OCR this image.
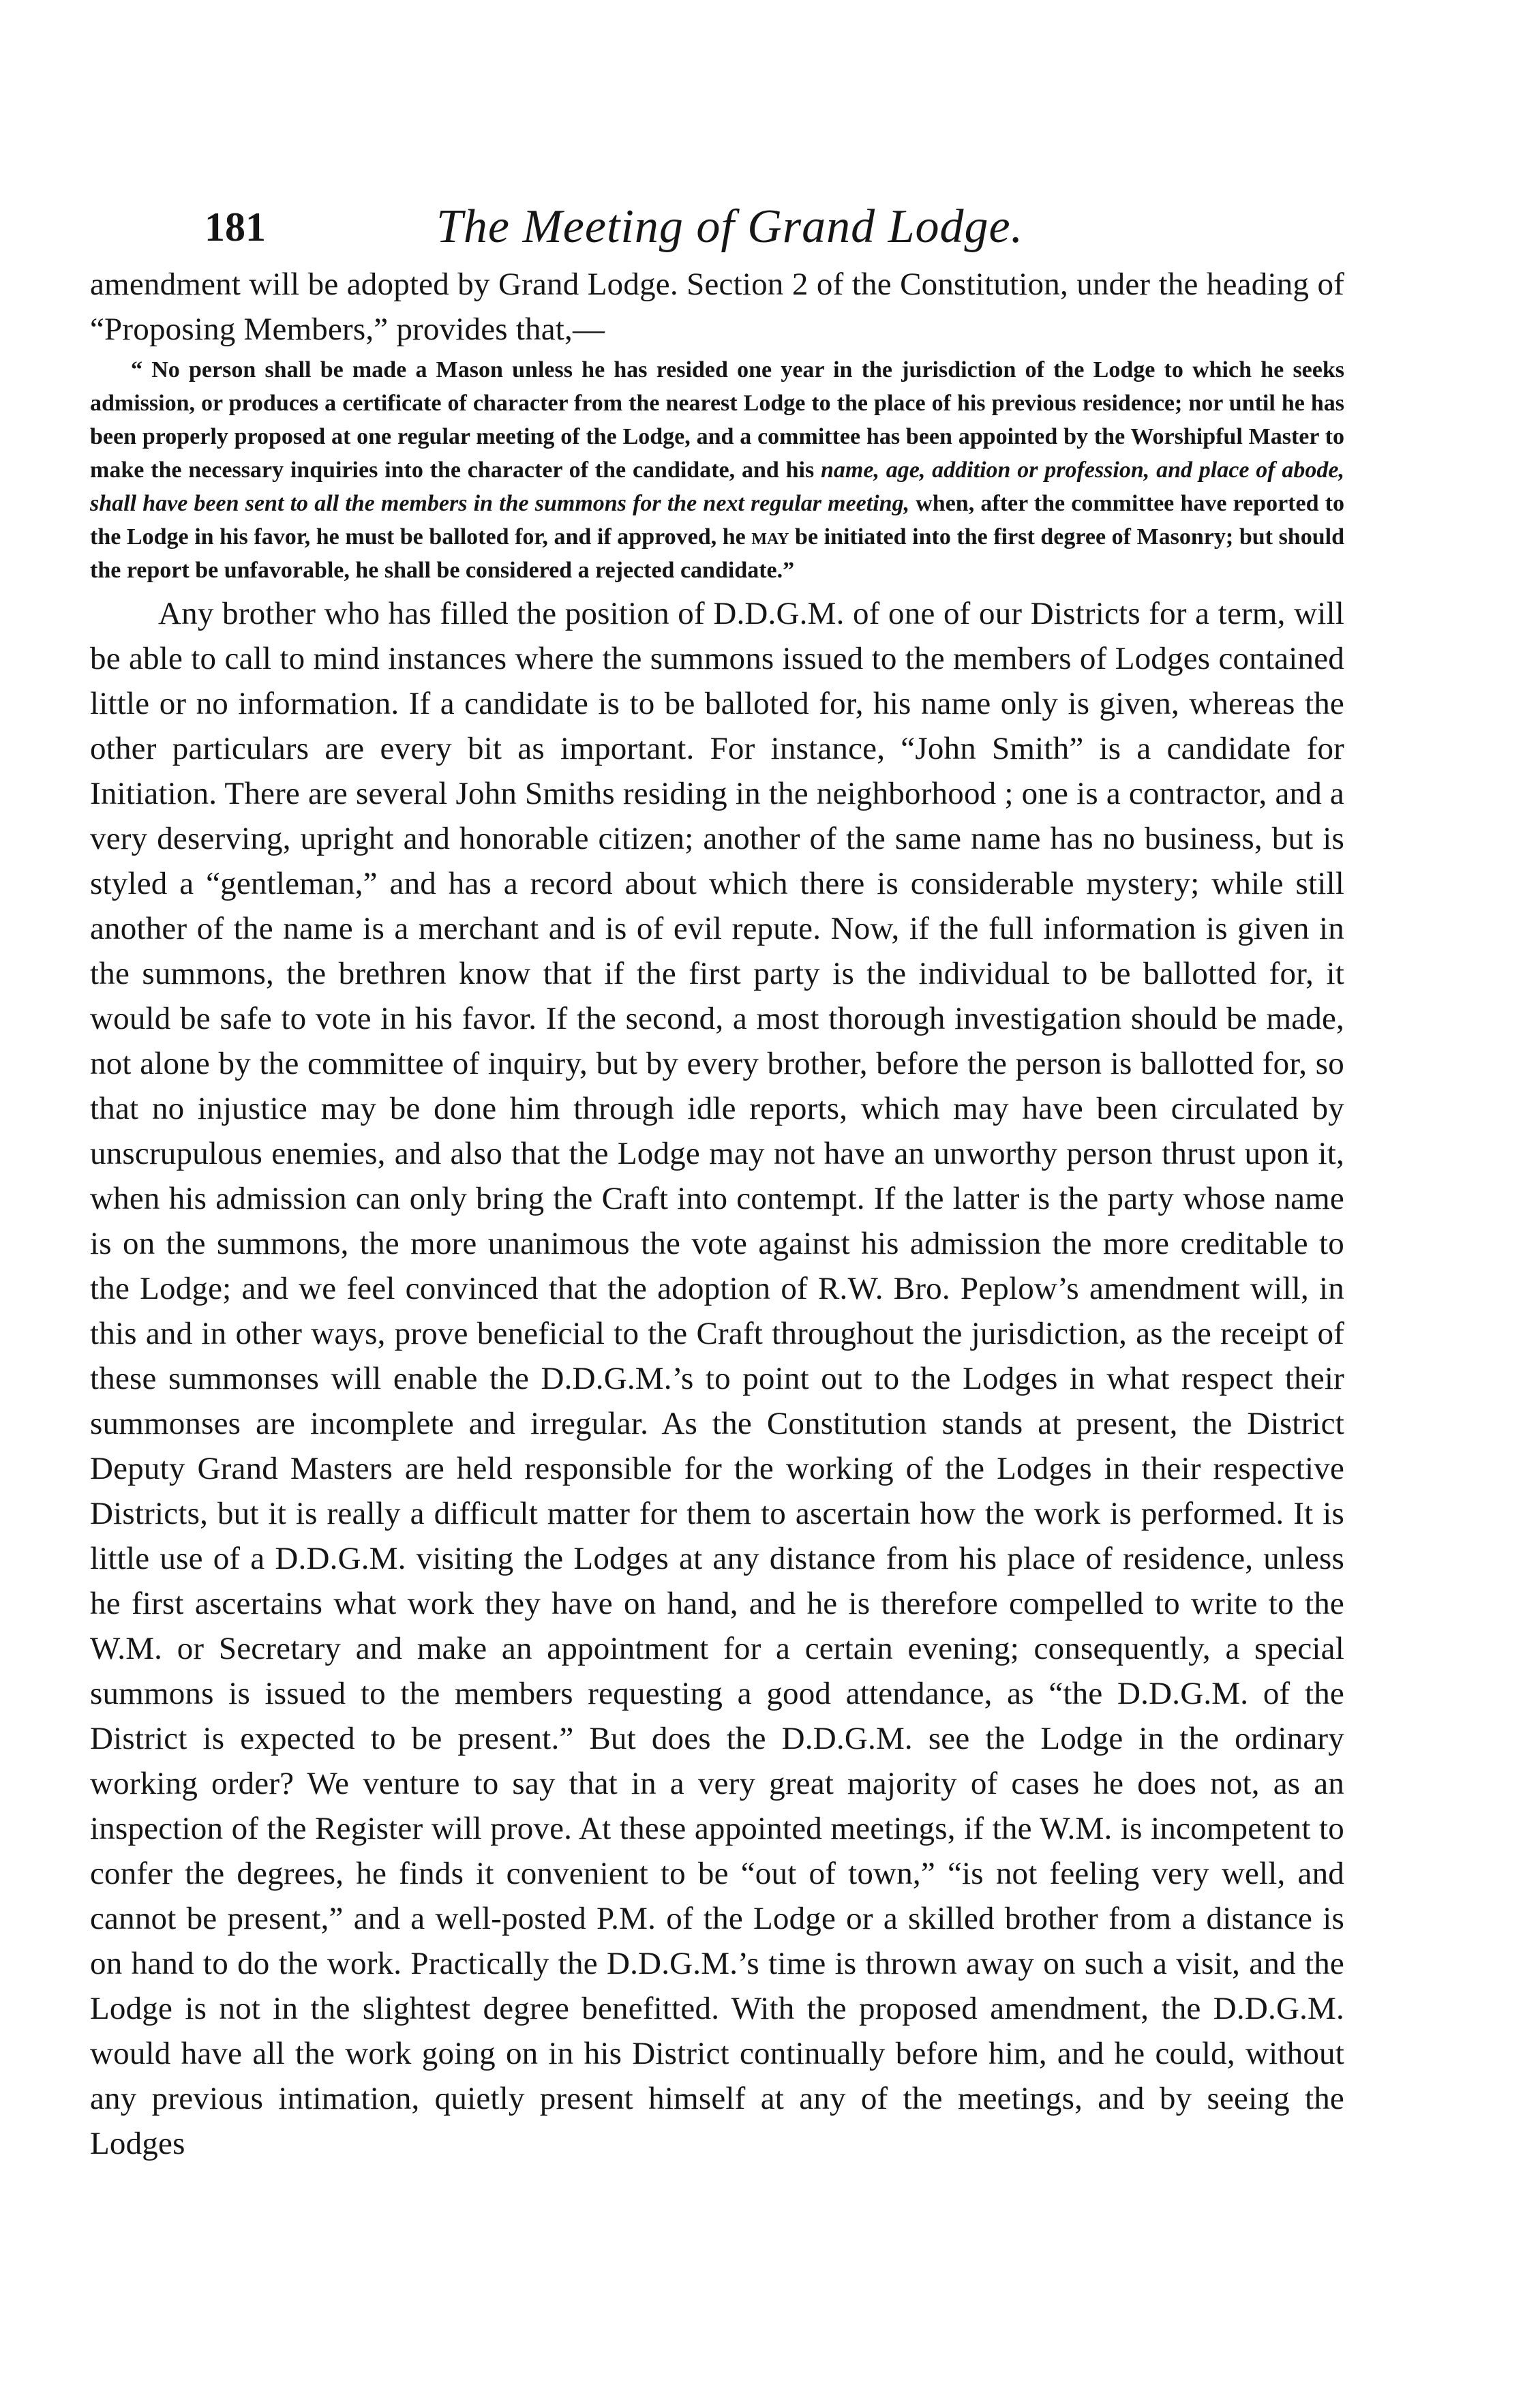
181	The Meeting of Grand Lodge.

amendment will be adopted by Grand Lodge. Section 2 of the Constitution, under the heading of “Proposing Members,” provides that,—

“ No person shall be made a Mason unless he has resided one year in the jurisdiction of the Lodge to which he seeks admission, or produces a certificate of character from the nearest Lodge to the place of his previous residence; nor until he has been properly proposed at one regular meeting of the Lodge, and a committee has been appointed by the Worshipful Master to make the necessary inquiries into the character of the candidate, and his name, age, addition or profession, and place of abode, shall have been sent to all the members in the summons for the next regular meeting, when, after the committee have reported to the Lodge in his favor, he must be balloted for, and if approved, he may be initiated into the first degree of Masonry; but should the report be unfavorable, he shall be considered a rejected candidate.”

Any brother who has filled the position of D.D.G.M. of one of our Districts for a term, will be able to call to mind instances where the summons issued to the members of Lodges contained little or no information. If a candidate is to be balloted for, his name only is given, whereas the other particulars are every bit as important. For instance, “John Smith” is a candidate for Initiation. There are several John Smiths residing in the neighborhood ; one is a contractor, and a very deserving, upright and honorable citizen; another of the same name has no business, but is styled a “gentleman,” and has a record about which there is considerable mystery; while still another of the name is a merchant and is of evil repute. Now, if the full information is given in the summons, the brethren know that if the first party is the individual to be ballotted for, it would be safe to vote in his favor. If the second, a most thorough investigation should be made, not alone by the committee of inquiry, but by every brother, before the person is ballotted for, so that no injustice may be done him through idle reports, which may have been circulated by unscrupulous enemies, and also that the Lodge may not have an unworthy person thrust upon it, when his admission can only bring the Craft into contempt. If the latter is the party whose name is on the summons, the more unanimous the vote against his admission the more creditable to the Lodge; and we feel convinced that the adoption of R.W. Bro. Peplow’s amendment will, in this and in other ways, prove beneficial to the Craft throughout the jurisdiction, as the receipt of these summonses will enable the D.D.G.M.’s to point out to the Lodges in what respect their summonses are incomplete and irregular. As the Constitution stands at present, the District Deputy Grand Masters are held responsible for the working of the Lodges in their respective Districts, but it is really a difficult matter for them to ascertain how the work is performed. It is little use of a D.D.G.M. visiting the Lodges at any distance from his place of residence, unless he first ascertains what work they have on hand, and he is therefore compelled to write to the W.M. or Secretary and make an appointment for a certain evening; consequently, a special summons is issued to the members requesting a good attendance, as “the D.D.G.M. of the District is expected to be present.” But does the D.D.G.M. see the Lodge in the ordinary working order? We venture to say that in a very great majority of cases he does not, as an inspection of the Register will prove. At these appointed meetings, if the W.M. is incompetent to confer the degrees, he finds it convenient to be “out of town,” “is not feeling very well, and cannot be present,” and a well-posted P.M. of the Lodge or a skilled brother from a distance is on hand to do the work. Practically the D.D.G.M.’s time is thrown away on such a visit, and the Lodge is not in the slightest degree benefitted. With the proposed amendment, the D.D.G.M. would have all the work going on in his District continually before him, and he could, without any previous intimation, quietly present himself at any of the meetings, and by seeing the Lodges
